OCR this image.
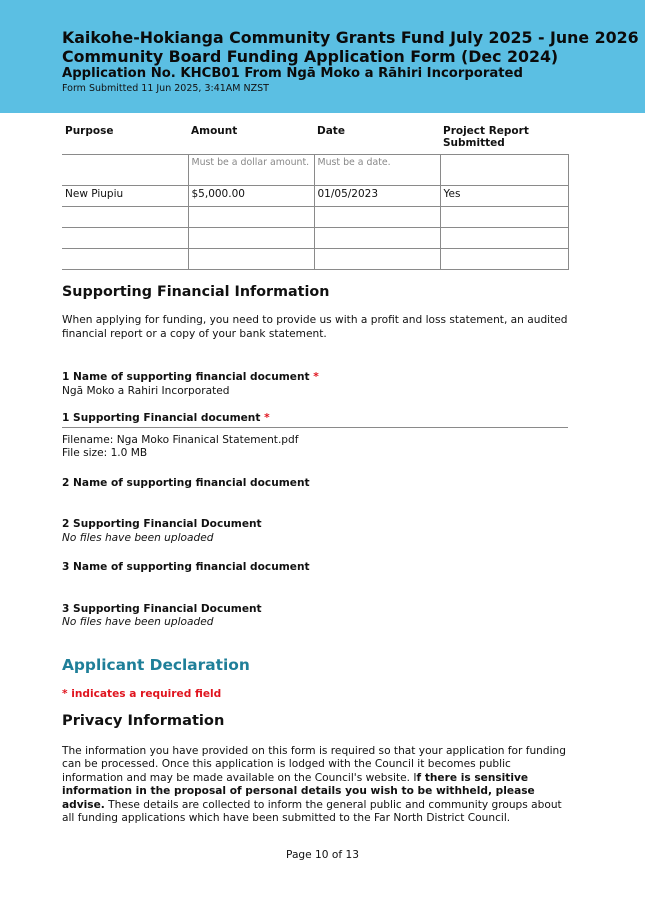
Kaikohe-Hokianga Community Grants Fund July 2025 - June 2026
Community Board Funding Application Form (Dec 2024)
Application No. KHCB01 From Ngā Moko a Rāhiri Incorporated
Form Submitted 11 Jun 2025, 3:41AM NZST
Purpose	Amount	Date	Project Report Submitted
	Must be a dollar amount.	Must be a date.	
New Piupiu	$5,000.00	01/05/2023	Yes

Supporting Financial Information
When applying for funding, you need to provide us with a profit and loss statement, an audited financial report or a copy of your bank statement.
1 Name of supporting financial document *
Ngā Moko a Rahiri Incorporated
1 Supporting Financial document *
Filename: Nga Moko Finanical Statement.pdf
File size: 1.0 MB
2 Name of supporting financial document
2 Supporting Financial Document
No files have been uploaded
3 Name of supporting financial document
3 Supporting Financial Document
No files have been uploaded
Applicant Declaration
* indicates a required field
Privacy Information
The information you have provided on this form is required so that your application for funding can be processed. Once this application is lodged with the Council it becomes public information and may be made available on the Council's website. If there is sensitive information in the proposal of personal details you wish to be withheld, please advise. These details are collected to inform the general public and community groups about all funding applications which have been submitted to the Far North District Council.
Page 10 of 13
